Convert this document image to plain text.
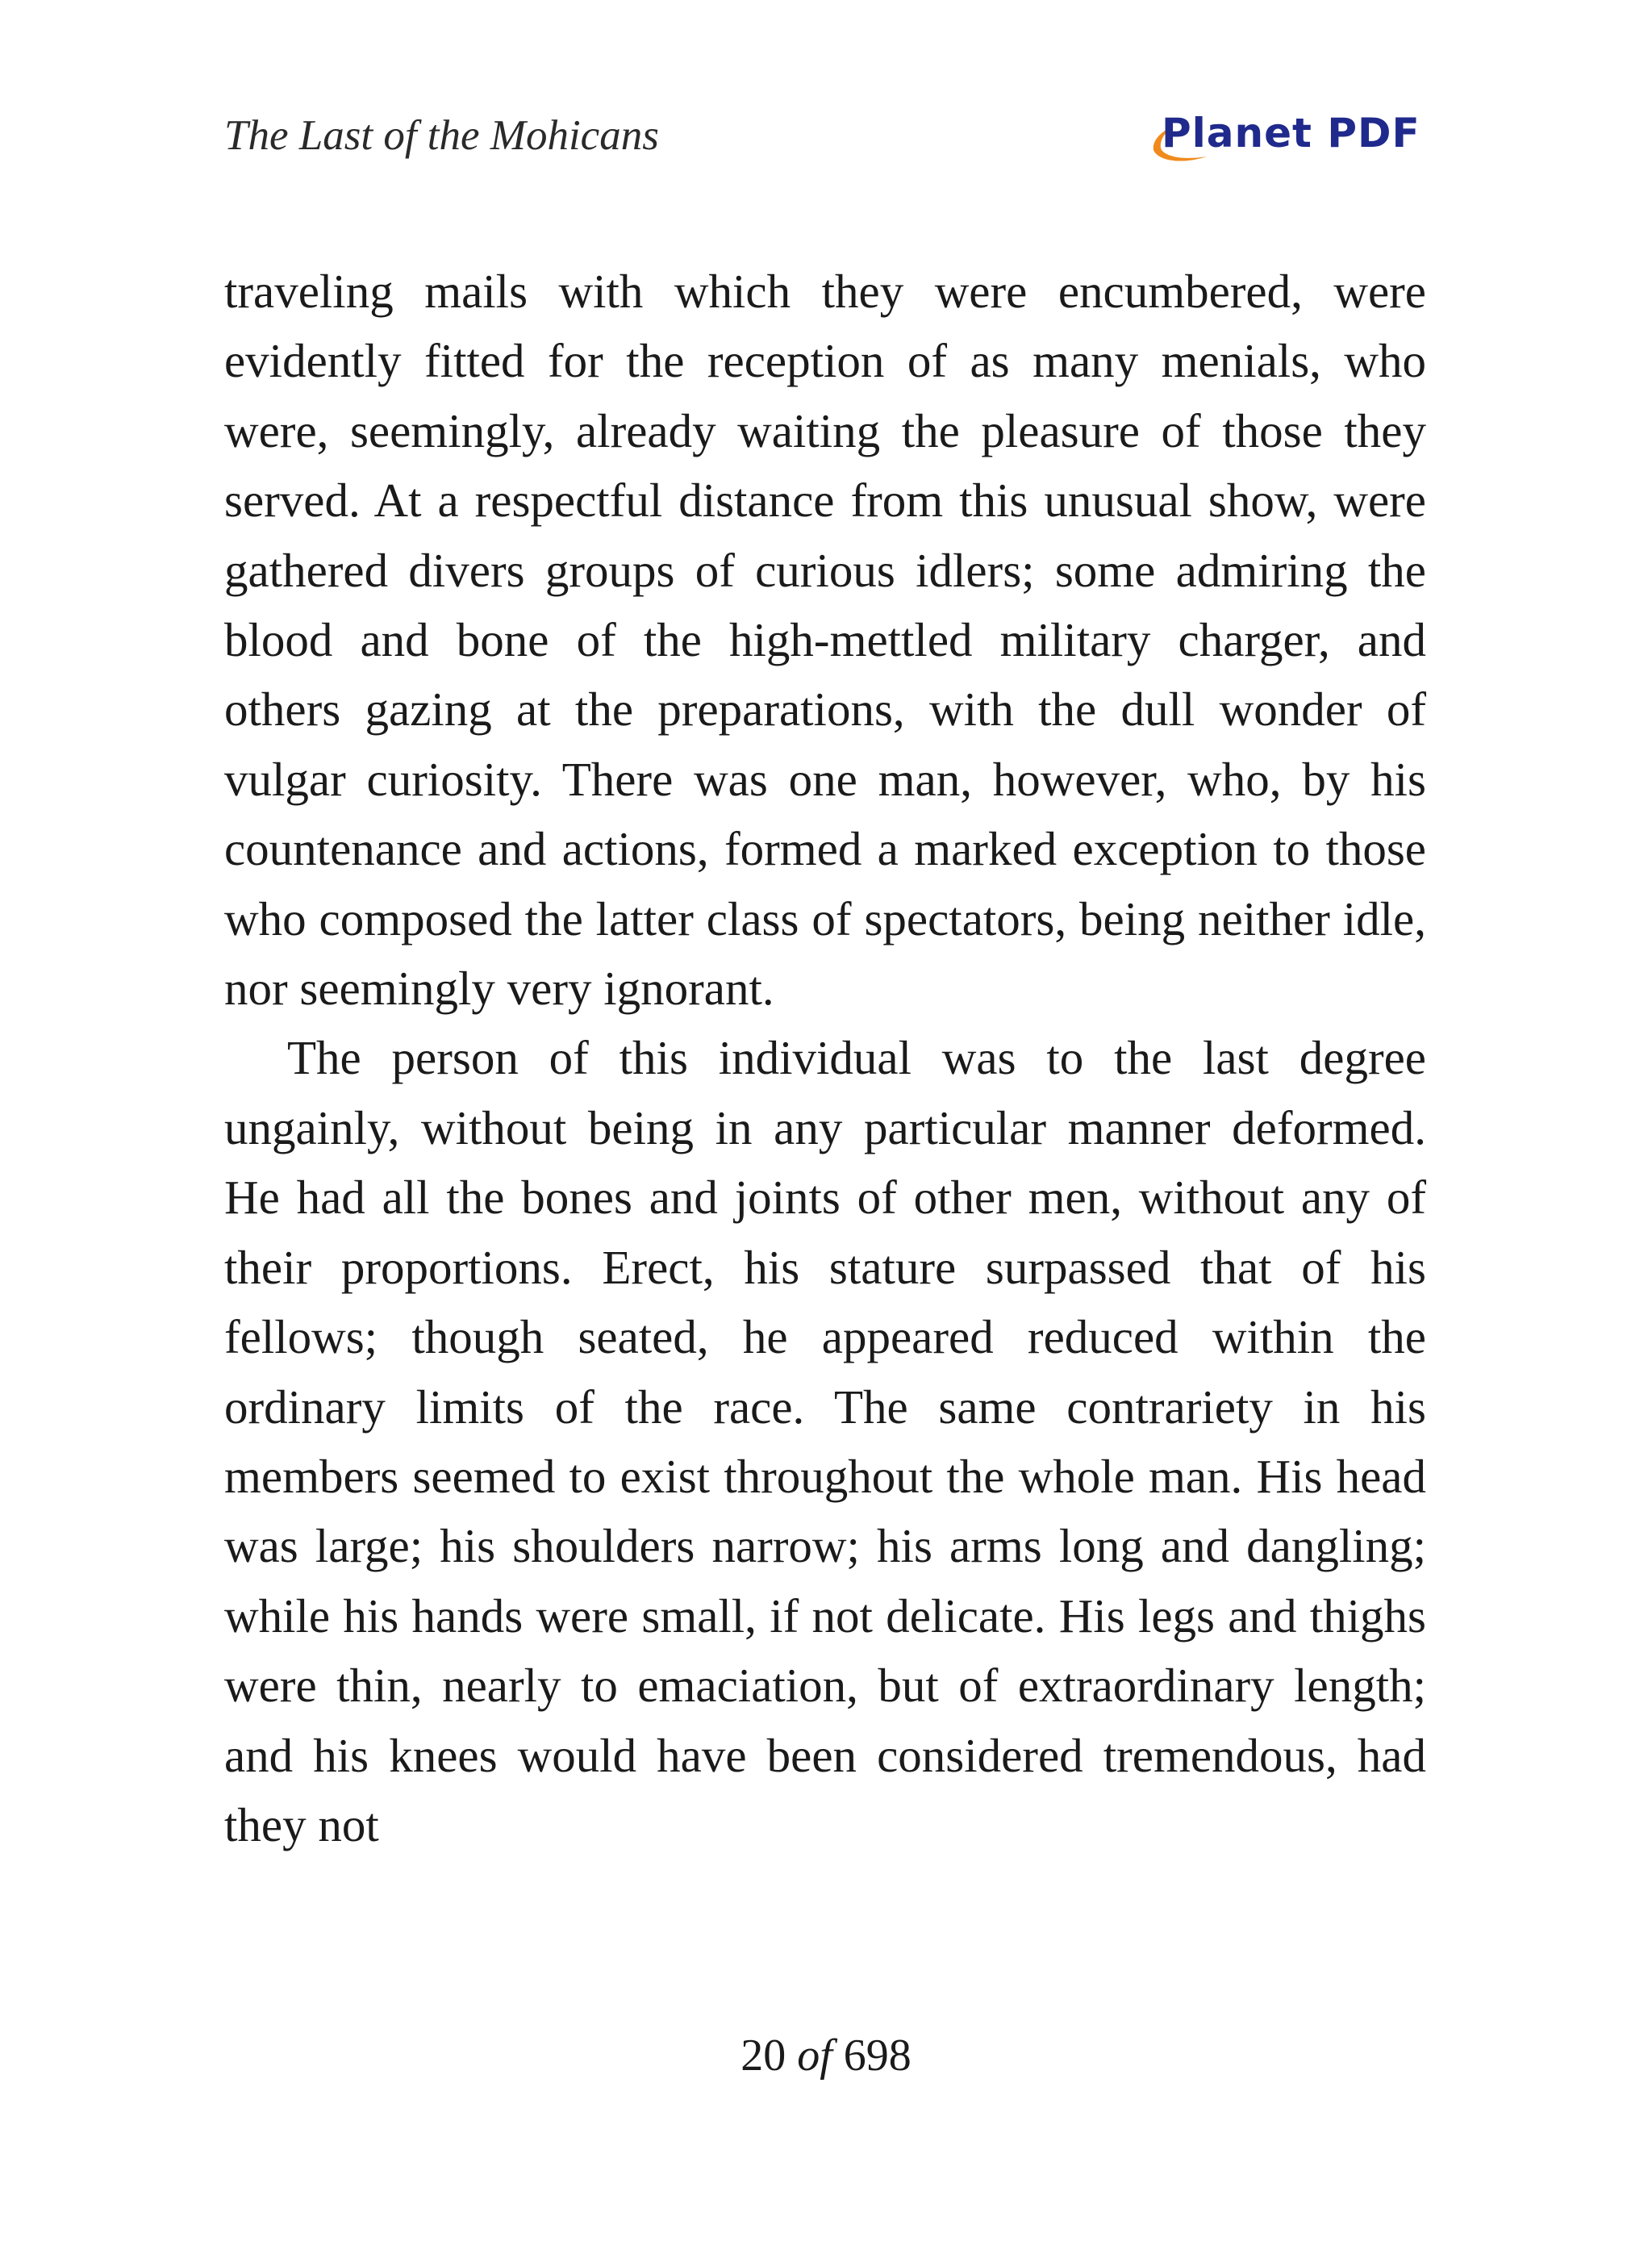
The Last of the Mohicans	Planet PDF

traveling mails with which they were encumbered, were evidently fitted for the reception of as many menials, who were, seemingly, already waiting the pleasure of those they served. At a respectful distance from this unusual show, were gathered divers groups of curious idlers; some admiring the blood and bone of the high-mettled military charger, and others gazing at the preparations, with the dull wonder of vulgar curiosity. There was one man, however, who, by his countenance and actions, formed a marked exception to those who composed the latter class of spectators, being neither idle, nor seemingly very ignorant.

The person of this individual was to the last degree ungainly, without being in any particular manner deformed. He had all the bones and joints of other men, without any of their proportions. Erect, his stature surpassed that of his fellows; though seated, he appeared reduced within the ordinary limits of the race. The same contrariety in his members seemed to exist throughout the whole man. His head was large; his shoulders narrow; his arms long and dangling; while his hands were small, if not delicate. His legs and thighs were thin, nearly to emaciation, but of extraordinary length; and his knees would have been considered tremendous, had they not

20 of 698
